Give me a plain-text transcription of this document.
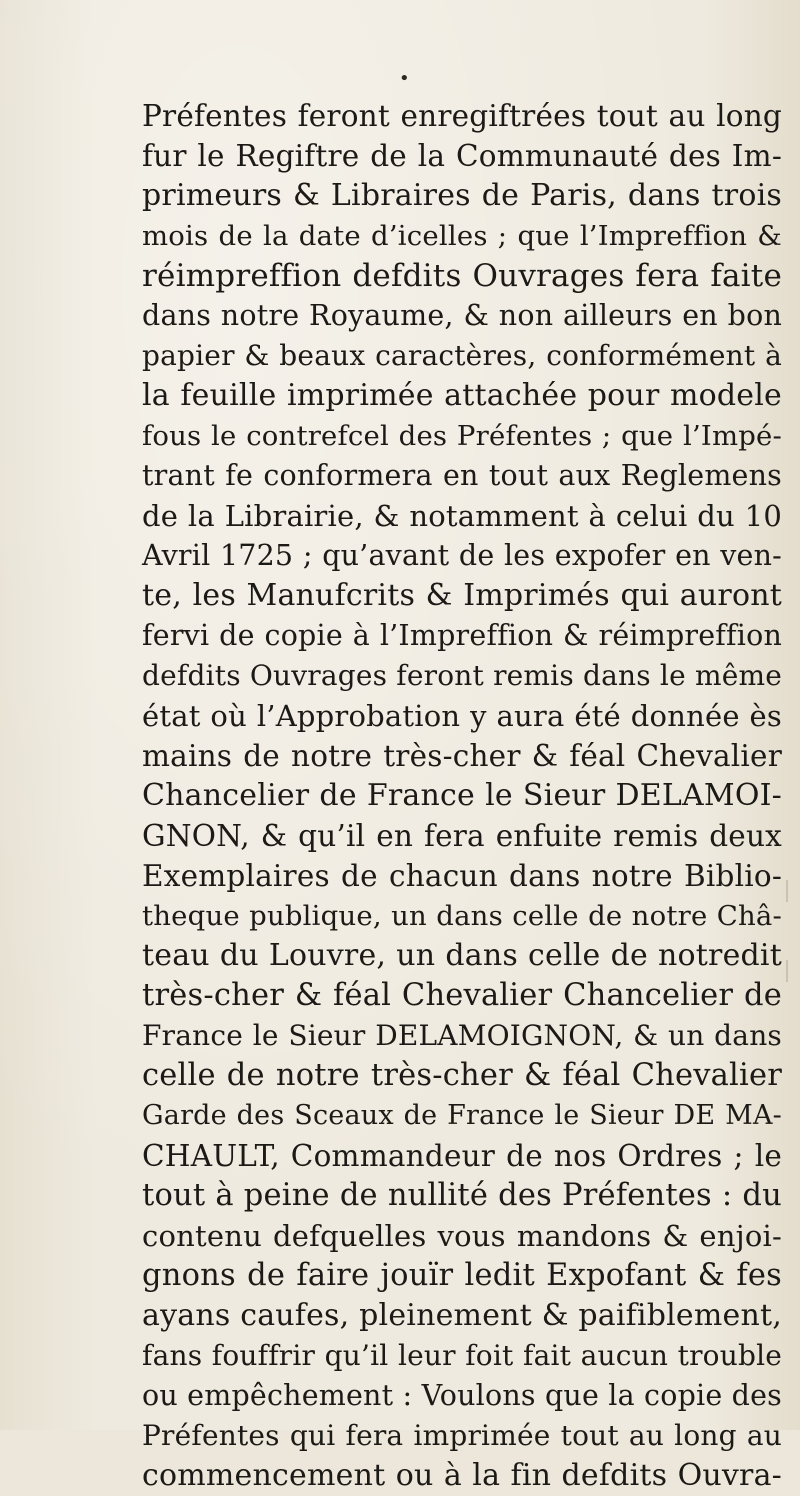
•
Préfentes feront enregiftrées tout au long
fur le Regiftre de la Communauté des Im-
primeurs & Libraires de Paris, dans trois
mois de la date d’icelles ; que l’Impreffion &
réimpreffion defdits Ouvrages fera faite
dans notre Royaume, & non ailleurs en bon
papier & beaux caractères, conformément à
la feuille imprimée attachée pour modele
fous le contrefcel des Préfentes ; que l’Impé-
trant fe conformera en tout aux Reglemens
de la Librairie, & notamment à celui du 10
Avril 1725 ; qu’avant de les expofer en ven-
te, les Manufcrits & Imprimés qui auront
fervi de copie à l’Impreffion & réimpreffion
defdits Ouvrages feront remis dans le même
état où l’Approbation y aura été donnée ès
mains de notre très-cher & féal Chevalier
Chancelier de France le Sieur DELAMOI-
GNON, & qu’il en fera enfuite remis deux
Exemplaires de chacun dans notre Biblio-
theque publique, un dans celle de notre Châ-
teau du Louvre, un dans celle de notredit
très-cher & féal Chevalier Chancelier de
France le Sieur DELAMOIGNON, & un dans
celle de notre très-cher & féal Chevalier
Garde des Sceaux de France le Sieur DE MA-
CHAULT, Commandeur de nos Ordres ; le
tout à peine de nullité des Préfentes : du
contenu defquelles vous mandons & enjoi-
gnons de faire jouïr ledit Expofant & fes
ayans caufes, pleinement & paifiblement,
fans fouffrir qu’il leur foit fait aucun trouble
ou empêchement : Voulons que la copie des
Préfentes qui fera imprimée tout au long au
commencement ou à la fin defdits Ouvra-
